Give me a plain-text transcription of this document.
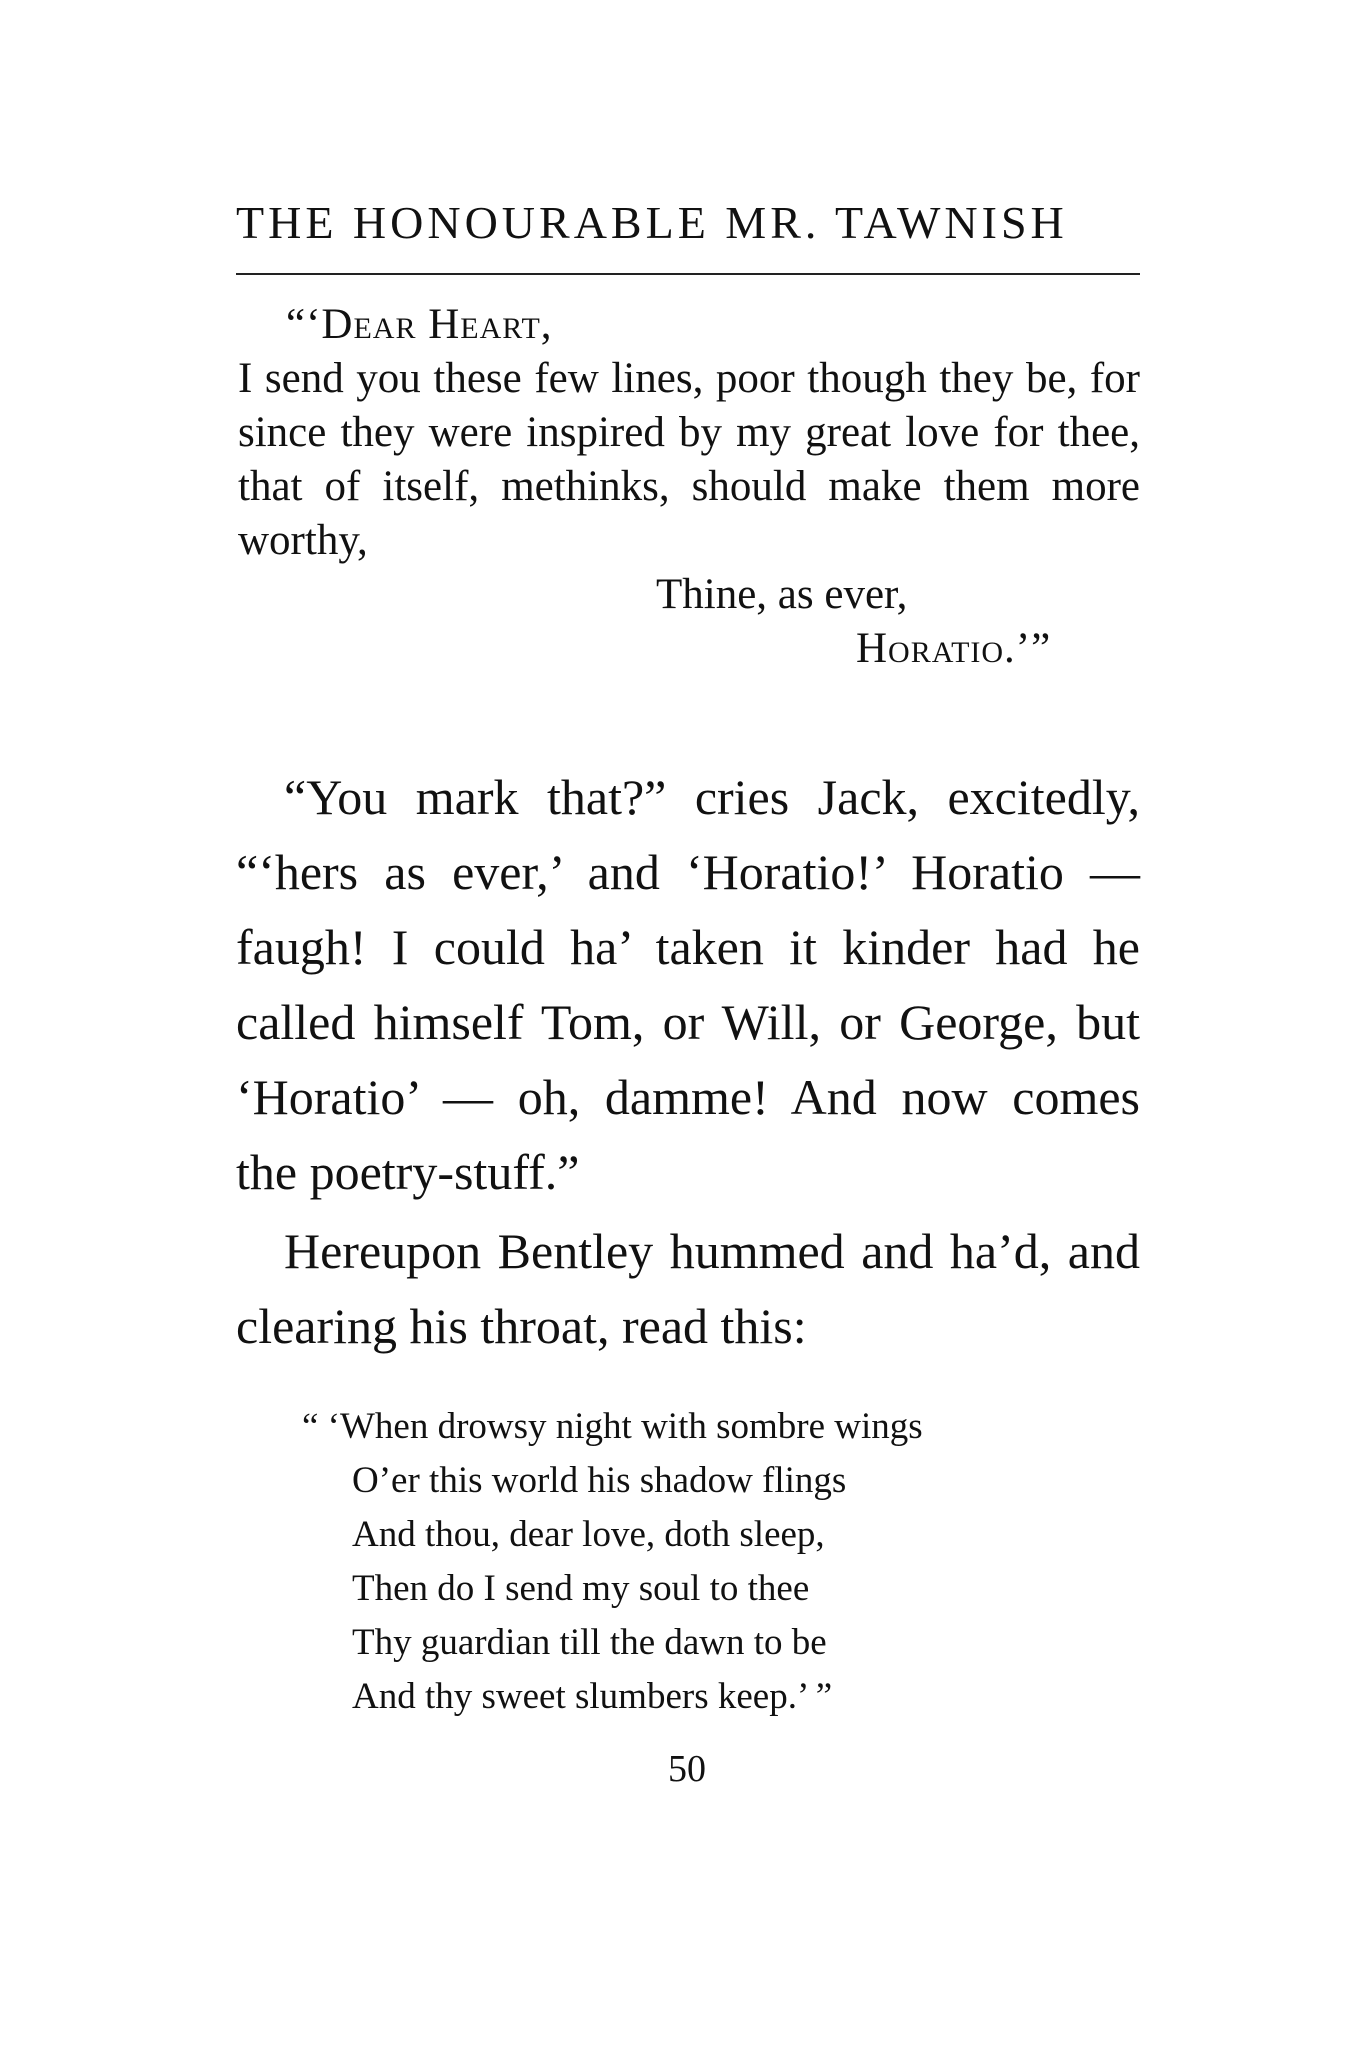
THE HONOURABLE MR. TAWNISH
“‘Dear Heart,
I send you these few lines, poor though they be, for since they were inspired by my great love for thee, that of itself, methinks, should make them more worthy,
Thine, as ever,
Horatio.’”

“You mark that?” cries Jack, excitedly, “‘hers as ever,’ and ‘Horatio!’ Horatio — faugh! I could ha’ taken it kinder had he called himself Tom, or Will, or George, but ‘Horatio’ — oh, damme! And now comes the poetry-stuff.”

Hereupon Bentley hummed and ha’d, and clearing his throat, read this:

“ ‘When drowsy night with sombre wings
O’er this world his shadow flings
And thou, dear love, doth sleep,
Then do I send my soul to thee
Thy guardian till the dawn to be
And thy sweet slumbers keep.’ ”
50
